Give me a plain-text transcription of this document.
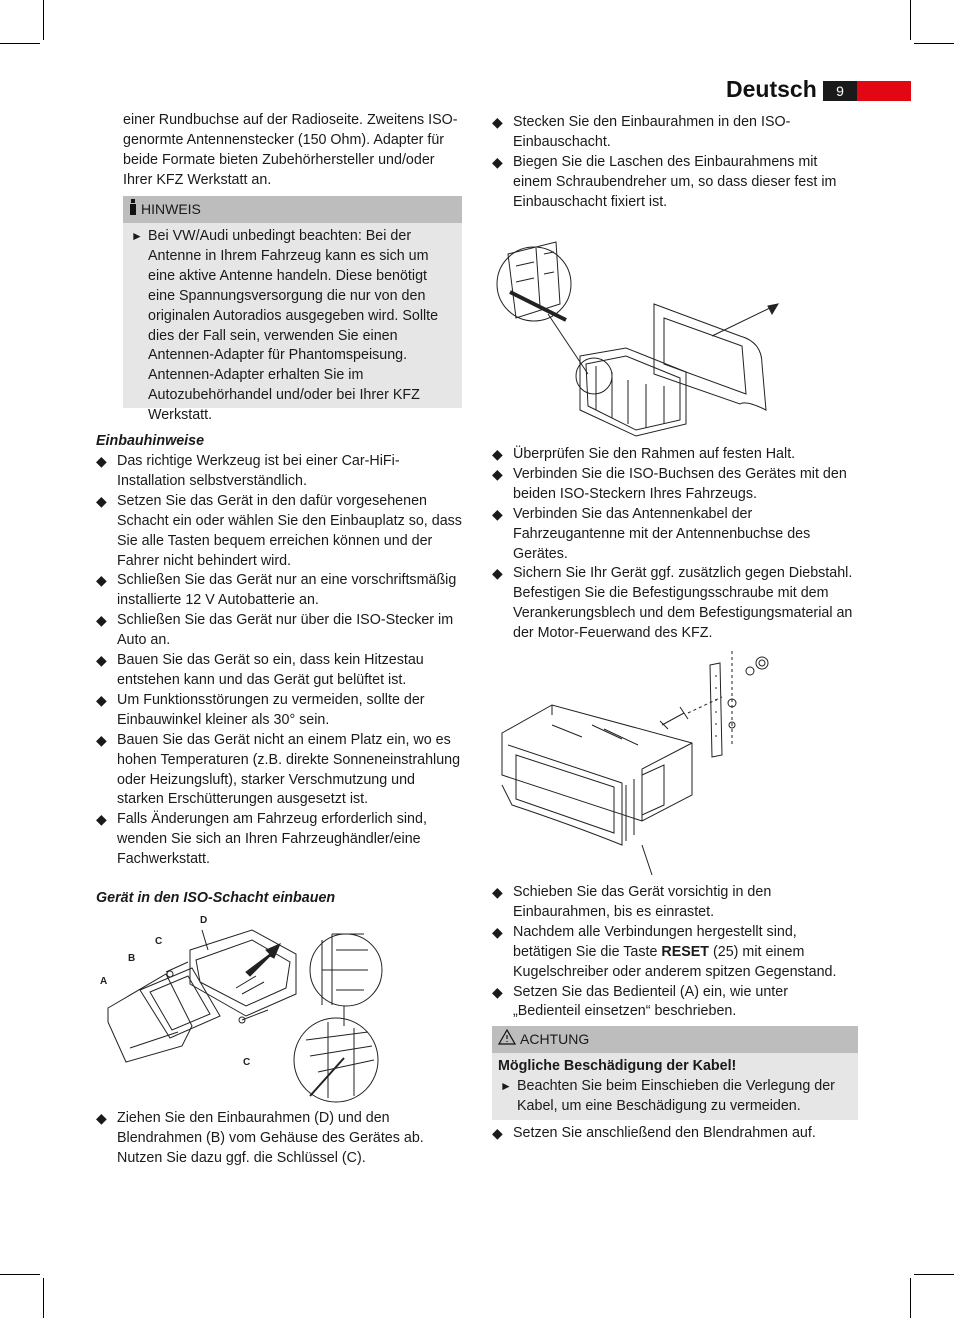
Deutsch	9
einer Rundbuchse auf der Radioseite. Zweitens ISO-genormte Antennenstecker (150 Ohm). Adapter für beide Formate bieten Zubehörhersteller und/oder Ihrer KFZ Werkstatt an.
HINWEIS
► Bei VW/Audi unbedingt beachten: Bei der Antenne in Ihrem Fahrzeug kann es sich um eine aktive Antenne handeln. Diese benötigt eine Spannungsversorgung die nur von den originalen Autoradios ausgegeben wird. Sollte dies der Fall sein, verwenden Sie einen Antennen-Adapter für Phantomspeisung.
Antennen-Adapter erhalten Sie im Autozubehörhandel und/oder bei Ihrer KFZ Werkstatt.
Einbauhinweise
◆ Das richtige Werkzeug ist bei einer Car-HiFi-Installation selbstverständlich.
◆ Setzen Sie das Gerät in den dafür vorgesehenen Schacht ein oder wählen Sie den Einbauplatz so, dass Sie alle Tasten bequem erreichen können und der Fahrer nicht behindert wird.
◆ Schließen Sie das Gerät nur an eine vorschriftsmäßig installierte 12 V Autobatterie an.
◆ Schließen Sie das Gerät nur über die ISO-Stecker im Auto an.
◆ Bauen Sie das Gerät so ein, dass kein Hitzestau entstehen kann und das Gerät gut belüftet ist.
◆ Um Funktionsstörungen zu vermeiden, sollte der Einbauwinkel kleiner als 30° sein.
◆ Bauen Sie das Gerät nicht an einem Platz ein, wo es hohen Temperaturen (z.B. direkte Sonneneinstrahlung oder Heizungsluft), starker Verschmutzung und starken Erschütterungen ausgesetzt ist.
◆ Falls Änderungen am Fahrzeug erforderlich sind, wenden Sie sich an Ihren Fahrzeughändler/eine Fachwerkstatt.
Gerät in den ISO-Schacht einbauen
D
C
B
A
C
◆ Ziehen Sie den Einbaurahmen (D) und den Blendrahmen (B) vom Gehäuse des Gerätes ab. Nutzen Sie dazu ggf. die Schlüssel (C).
◆ Stecken Sie den Einbaurahmen in den ISO-Einbauschacht.
◆ Biegen Sie die Laschen des Einbaurahmens mit einem Schraubendreher um, so dass dieser fest im Einbauschacht fixiert ist.
◆ Überprüfen Sie den Rahmen auf festen Halt.
◆ Verbinden Sie die ISO-Buchsen des Gerätes mit den beiden ISO-Steckern Ihres Fahrzeugs.
◆ Verbinden Sie das Antennenkabel der Fahrzeugantenne mit der Antennenbuchse des Gerätes.
◆ Sichern Sie Ihr Gerät ggf. zusätzlich gegen Diebstahl. Befestigen Sie die Befestigungsschraube mit dem Verankerungsblech und dem Befestigungsmaterial an der Motor-Feuerwand des KFZ.
◆ Schieben Sie das Gerät vorsichtig in den Einbaurahmen, bis es einrastet.
◆ Nachdem alle Verbindungen hergestellt sind, betätigen Sie die Taste RESET (25) mit einem Kugelschreiber oder anderem spitzen Gegenstand.
◆ Setzen Sie das Bedienteil (A) ein, wie unter „Bedienteil einsetzen“ beschrieben.
ACHTUNG
Mögliche Beschädigung der Kabel!
► Beachten Sie beim Einschieben die Verlegung der Kabel, um eine Beschädigung zu vermeiden.
◆ Setzen Sie anschließend den Blendrahmen auf.
